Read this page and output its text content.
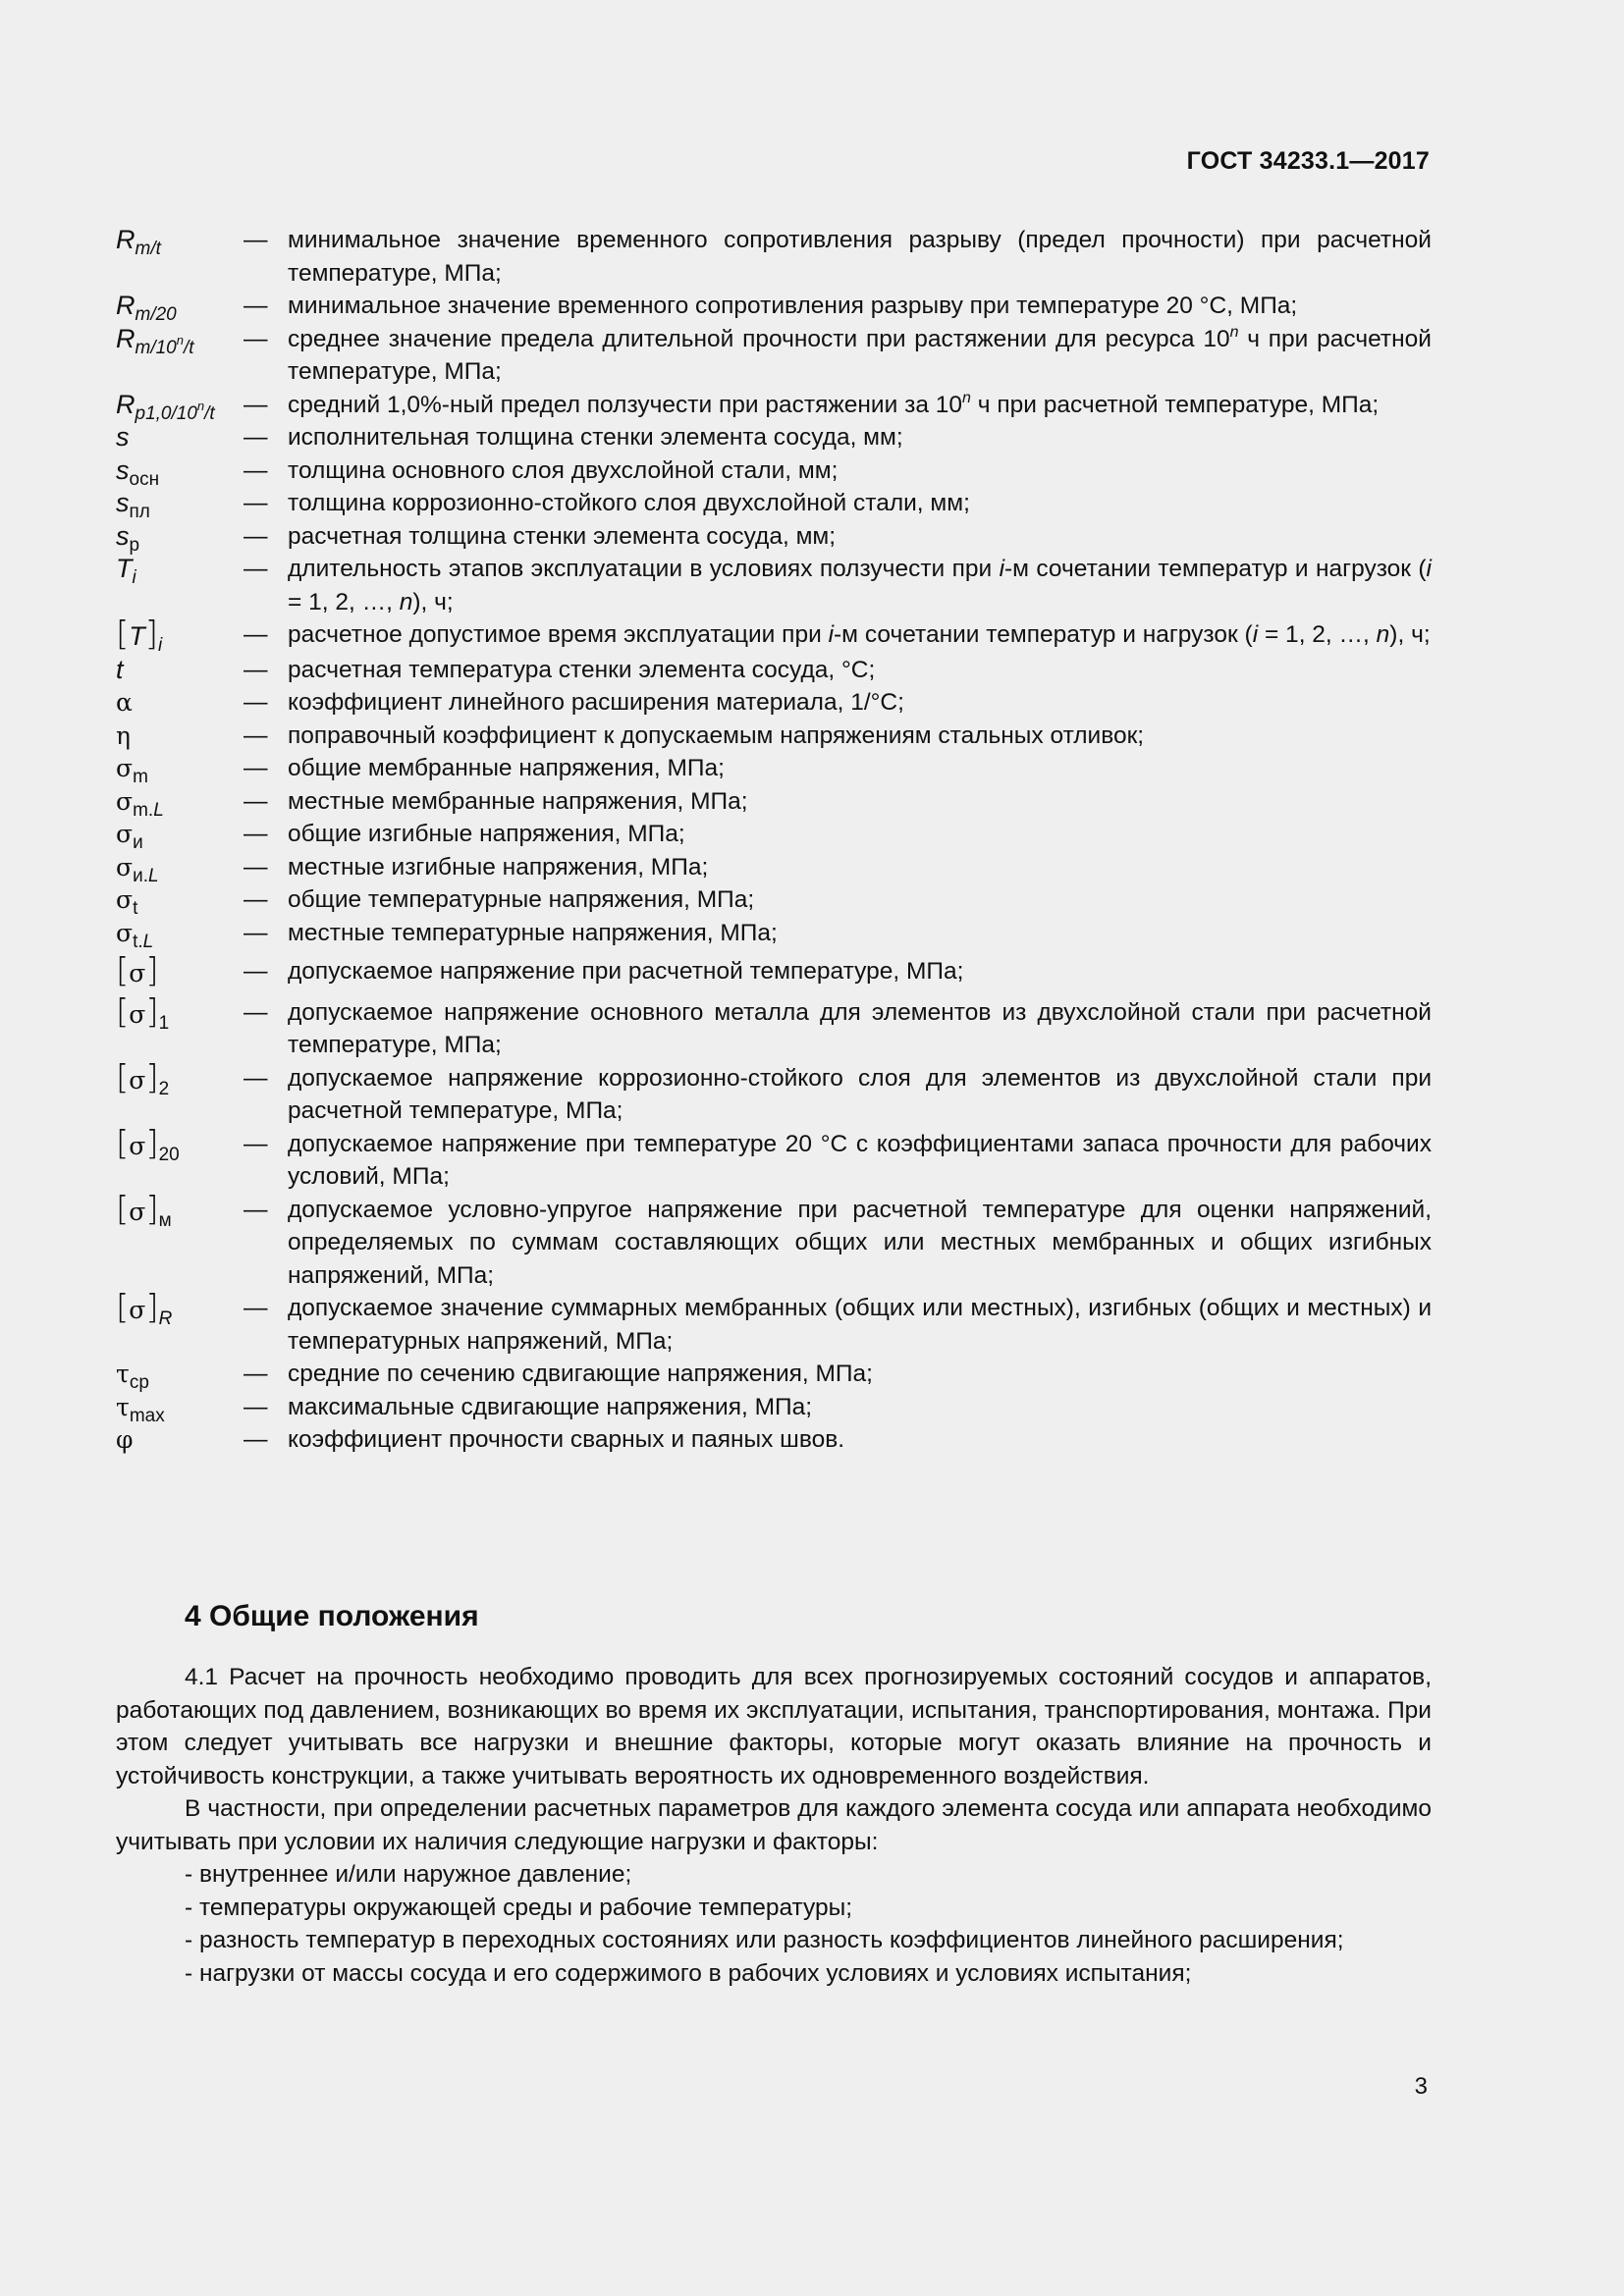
ГОСТ 34233.1—2017
$R_{m/t}$	— минимальное значение временного сопротивления разрыву (предел прочности) при расчетной температуре, МПа;
$R_{m/20}$	— минимальное значение временного сопротивления разрыву при температуре 20 °С, МПа;
$R_{m/10^n/t}$	— среднее значение предела длительной прочности при растяжении для ресурса 10$^n$ ч при расчетной температуре, МПа;
$R_{p1,0/10^n/t}$	— средний 1,0%-ный предел ползучести при растяжении за 10$^n$ ч при расчетной температуре, МПа;
s	— исполнительная толщина стенки элемента сосуда, мм;
$s_{осн}$	— толщина основного слоя двухслойной стали, мм;
$s_{пл}$	— толщина коррозионно-стойкого слоя двухслойной стали, мм;
$s_р$	— расчетная толщина стенки элемента сосуда, мм;
$T_i$	— длительность этапов эксплуатации в условиях ползучести при i-м сочетании температур и нагрузок (i = 1, 2, …, n), ч;
$[T]_i$	— расчетное допустимое время эксплуатации при i-м сочетании температур и нагрузок (i = 1, 2, …, n), ч;
t	— расчетная температура стенки элемента сосуда, °С;
α	— коэффициент линейного расширения материала, 1/°С;
η	— поправочный коэффициент к допускаемым напряжениям стальных отливок;
$\sigma_m$	— общие мембранные напряжения, МПа;
$\sigma_{m.L}$	— местные мембранные напряжения, МПа;
$\sigma_и$	— общие изгибные напряжения, МПа;
$\sigma_{и.L}$	— местные изгибные напряжения, МПа;
$\sigma_t$	— общие температурные напряжения, МПа;
$\sigma_{t.L}$	— местные температурные напряжения, МПа;
[σ]	— допускаемое напряжение при расчетной температуре, МПа;
$[\sigma]_1$	— допускаемое напряжение основного металла для элементов из двухслойной стали при расчетной температуре, МПа;
$[\sigma]_2$	— допускаемое напряжение коррозионно-стойкого слоя для элементов из двухслойной стали при расчетной температуре, МПа;
$[\sigma]_{20}$	— допускаемое напряжение при температуре 20 °С с коэффициентами запаса прочности для рабочих условий, МПа;
$[\sigma]_м$	— допускаемое условно-упругое напряжение при расчетной температуре для оценки напряжений, определяемых по суммам составляющих общих или местных мембранных и общих изгибных напряжений, МПа;
$[\sigma]_R$	— допускаемое значение суммарных мембранных (общих или местных), изгибных (общих и местных) и температурных напряжений, МПа;
$\tau_{ср}$	— средние по сечению сдвигающие напряжения, МПа;
$\tau_{max}$	— максимальные сдвигающие напряжения, МПа;
φ	— коэффициент прочности сварных и паяных швов.
4 Общие положения

4.1 Расчет на прочность необходимо проводить для всех прогнозируемых состояний сосудов и аппаратов, работающих под давлением, возникающих во время их эксплуатации, испытания, транспортирования, монтажа. При этом следует учитывать все нагрузки и внешние факторы, которые могут оказать влияние на прочность и устойчивость конструкции, а также учитывать вероятность их одновременного воздействия.

В частности, при определении расчетных параметров для каждого элемента сосуда или аппарата необходимо учитывать при условии их наличия следующие нагрузки и факторы:

- внутреннее и/или наружное давление;
- температуры окружающей среды и рабочие температуры;
- разность температур в переходных состояниях или разность коэффициентов линейного расширения;
- нагрузки от массы сосуда и его содержимого в рабочих условиях и условиях испытания;
3
